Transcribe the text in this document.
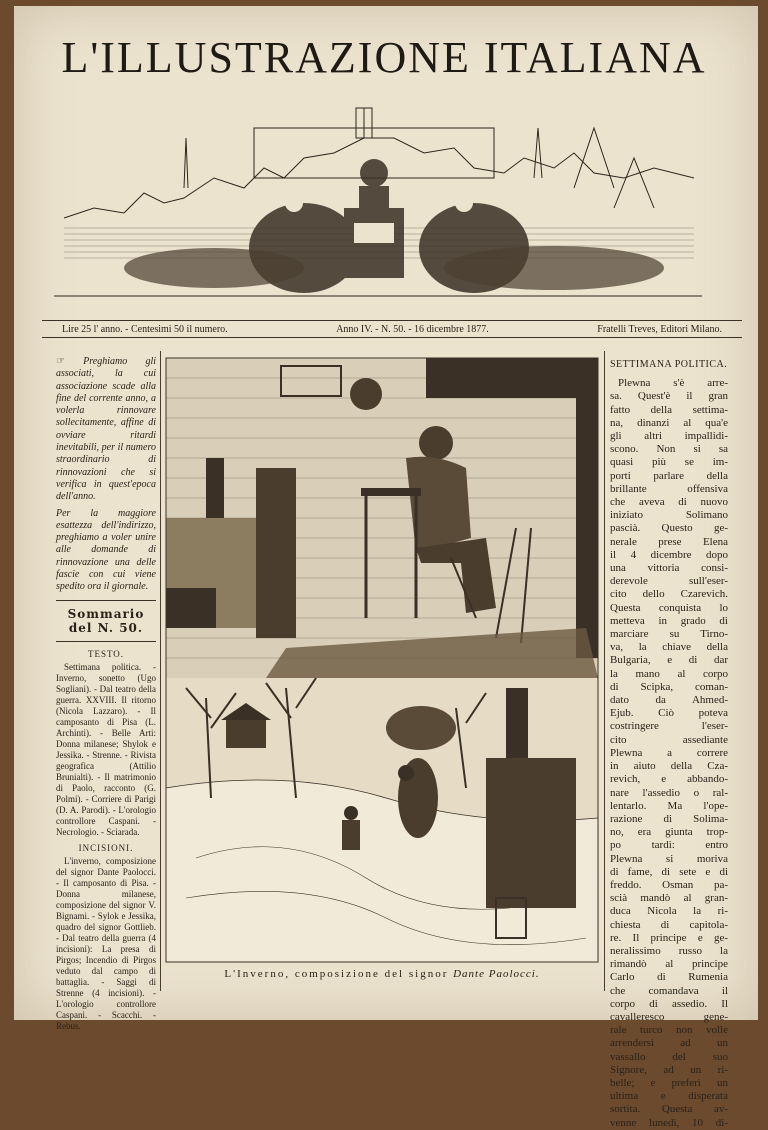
L'ILLUSTRAZIONE ITALIANA
Lire 25 l' anno. - Centesimi 50 il numero.	Anno IV. - N. 50. - 16 dicembre 1877.	Fratelli Treves, Editori Milano.

☞ Preghiamo gli associati, la cui associazione scade alla fine del corrente anno, a volerla rinnovare sollecitamente, affine di ovviare ritardi inevitabili, per il numero straordinario di rinnovazioni che si verifica in quest'epoca dell'anno.

Per la maggiore esattezza dell'indirizzo, preghiamo a voler unire alle domande di rinnovazione una delle fascie con cui viene spedito ora il giornale.

Sommario
del N. 50.
TESTO.

Settimana politica. - Inverno, sonetto (Ugo Sogliani). - Dal teatro della guerra. XXVIII. Il ritorno (Nicola Lazzaro). - Il camposanto di Pisa (L. Archinti). - Belle Arti: Donna milanese; Shylok e Jessika. - Strenne. - Rivista geografica (Attilio Brunialti). - Il matrimonio di Paolo, racconto (G. Polmi). - Corriere di Parigi (D. A. Parodi). - L'orologio controllore Caspani. - Necrologio. - Sciarada.

INCISIONI.

L'inverno, composizione del signor Dante Paolocci. - Il camposanto di Pisa. - Donna milanese, composizione del signor V. Bignami. - Sylok e Jessika, quadro del signor Gottlieb. - Dal teatro della guerra (4 incisioni): La presa di Pirgos; Incendio di Pirgos veduto dal campo di battaglia. - Saggi di Strenne (4 incisioni). - L'orologio controllore Caspani. - Scacchi. - Rebus.

L'Inverno, composizione del signor Dante Paolocci.
SETTIMANA POLITICA.
Plewna s'è arre-
sa. Quest'è il gran
fatto della settima-
na, dinanzi al qua'e
gli altri impallidi-
scono. Non si sa
quasi più se im-
porti parlare della
brillante offensiva
che aveva di nuovo
iniziato Solimano
pascià. Questo ge-
nerale prese Elena
il 4 dicembre dopo
una vittoria consi-
derevole sull'eser-
cito dello Czarevich.
Questa conquista lo
metteva in grado di
marciare su Tirno-
va, la chiave della
Bulgaria, e di dar
la mano al corpo
di Scipka, coman-
dato da Ahmed-
Ejub. Ciò poteva
costringere l'eser-
cito assediante
Plewna a correre
in aiuto della Cza-
revich, e abbando-
nare l'assedio o ral-
lentarlo. Ma l'ope-
razione di Solima-
no, era giunta trop-
po tardi: entro
Plewna si moriva
di fame, di sete e di
freddo. Osman pa-
scià mandò al gran-
duca Nicola la ri-
chiesta di capitola-
re. Il principe e ge-
neralissimo russo la
rimandò al principe
Carlo di Rumenia
che comandava il
corpo di assedio. Il
cavalleresco gene-
rale turco non volle
arrendersi ad un
vassallo del suo
Signore, ad un ri-
belle; e preferì un
ultima e disperata
sortita. Questa av-
venne lunedì, 10 di-
